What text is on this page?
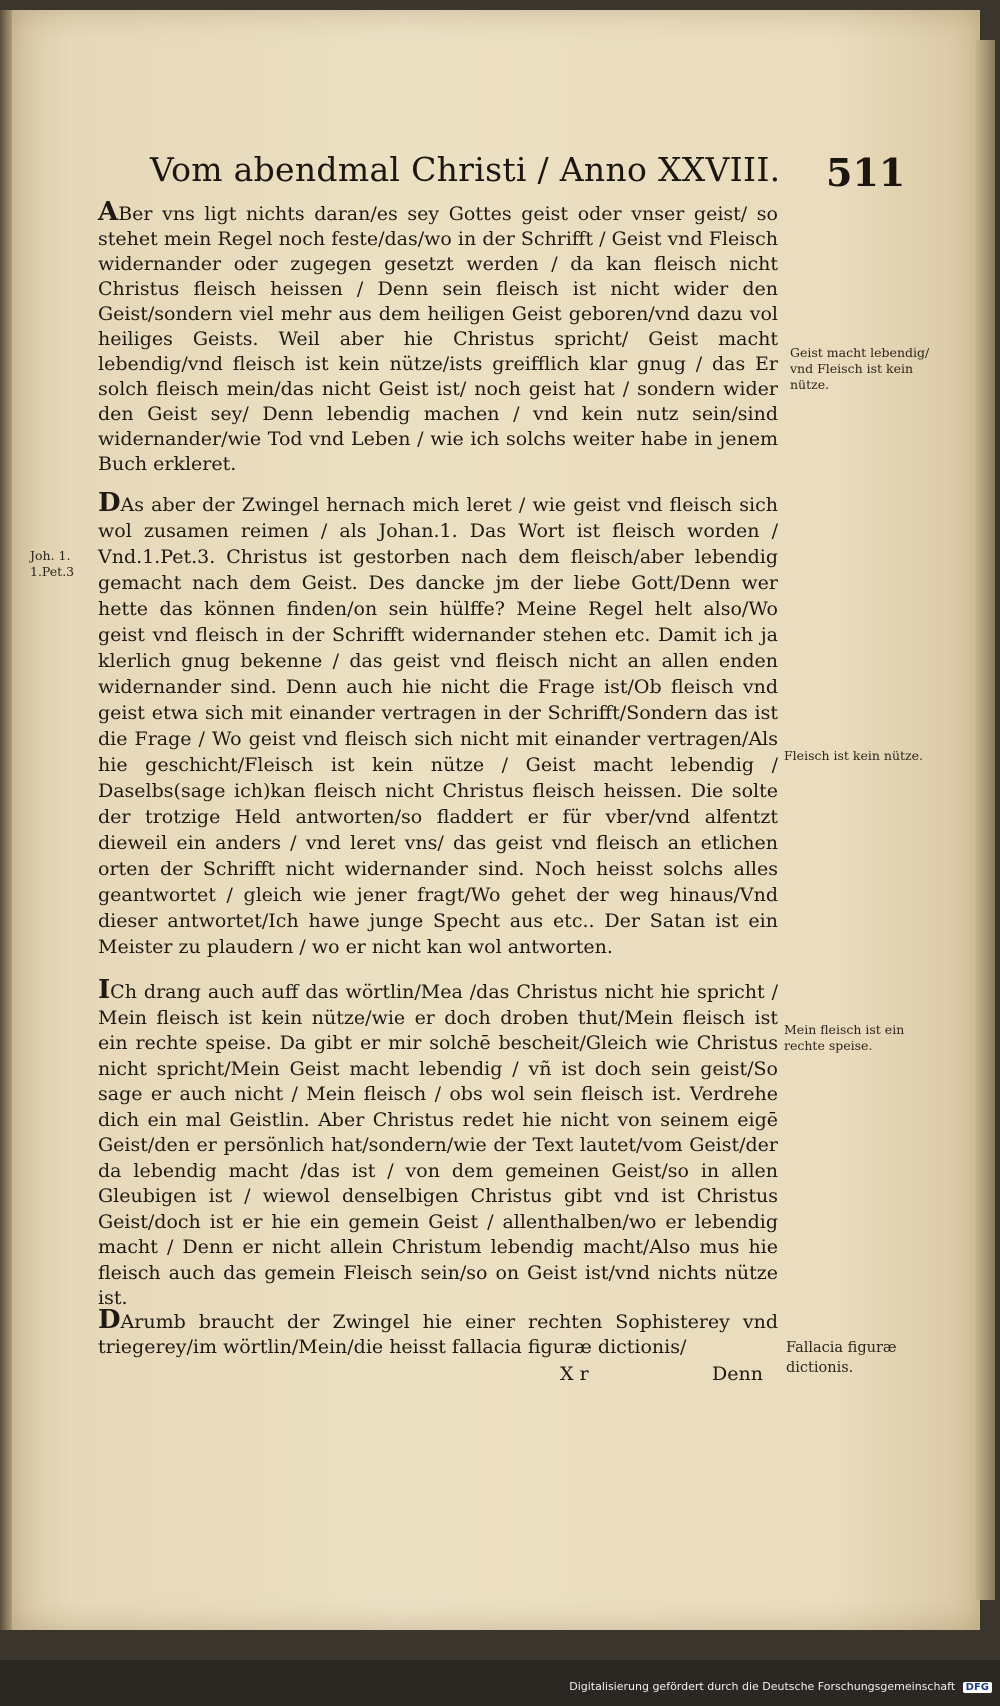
Vom abendmal Christi / Anno XXVIII. 511
ABer vns ligt nichts daran/es sey Gottes geist oder vnser geist/ so stehet mein Regel noch feste/das/wo in der Schrifft / Geist vnd Fleisch widernander oder zugegen gesetzt werden / da kan fleisch nicht Christus fleisch heissen / Denn sein fleisch ist nicht wider den Geist/sondern viel mehr aus dem heiligen Geist geboren/vnd dazu vol heiliges Geists. Weil aber hie Christus spricht/ Geist macht lebendig/vnd fleisch ist kein nütze/ists greifflich klar gnug / das Er solch fleisch mein/das nicht Geist ist/ noch geist hat / sondern wider den Geist sey/ Denn lebendig machen / vnd kein nutz sein/sind widernander/wie Tod vnd Leben / wie ich solchs weiter habe in jenem Buch erkleret.
DAs aber der Zwingel hernach mich leret / wie geist vnd fleisch sich wol zusamen reimen / als Johan.1. Das Wort ist fleisch worden / Vnd.1.Pet.3. Christus ist gestorben nach dem fleisch/aber lebendig gemacht nach dem Geist. Des dancke jm der liebe Gott/Denn wer hette das können finden/on sein hülffe? Meine Regel helt also/Wo geist vnd fleisch in der Schrifft widernander stehen etc. Damit ich ja klerlich gnug bekenne / das geist vnd fleisch nicht an allen enden widernander sind. Denn auch hie nicht die Frage ist/Ob fleisch vnd geist etwa sich mit einander vertragen in der Schrifft/Sondern das ist die Frage / Wo geist vnd fleisch sich nicht mit einander vertragen/Als hie geschicht/Fleisch ist kein nütze / Geist macht lebendig / Daselbs(sage ich)kan fleisch nicht Christus fleisch heissen. Die solte der trotzige Held antworten/so fladdert er für vber/vnd alfentzt dieweil ein anders / vnd leret vns/ das geist vnd fleisch an etlichen orten der Schrifft nicht widernander sind. Noch heisst solchs alles geantwortet / gleich wie jener fragt/Wo gehet der weg hinaus/Vnd dieser antwortet/Ich hawe junge Specht aus etc.. Der Satan ist ein Meister zu plaudern / wo er nicht kan wol antworten.
ICh drang auch auff das wörtlin/Mea /das Christus nicht hie spricht / Mein fleisch ist kein nütze/wie er doch droben thut/Mein fleisch ist ein rechte speise. Da gibt er mir solchē bescheit/Gleich wie Christus nicht spricht/Mein Geist macht lebendig / vñ ist doch sein geist/So sage er auch nicht / Mein fleisch / obs wol sein fleisch ist. Verdrehe dich ein mal Geistlin. Aber Christus redet hie nicht von seinem eigē Geist/den er persönlich hat/sondern/wie der Text lautet/vom Geist/der da lebendig macht /das ist / von dem gemeinen Geist/so in allen Gleubigen ist / wiewol denselbigen Christus gibt vnd ist Christus Geist/doch ist er hie ein gemein Geist / allenthalben/wo er lebendig macht / Denn er nicht allein Christum lebendig macht/Also mus hie fleisch auch das gemein Fleisch sein/so on Geist ist/vnd nichts nütze ist.
DArumb braucht der Zwingel hie einer rechten Sophisterey vnd triegerey/im wörtlin/Mein/die heisst fallacia figuræ dictionis/
Geist macht lebendig/ vnd Fleisch ist kein nütze.
Joh. 1. 1.Pet.3
Fleisch ist kein nütze.
Mein fleisch ist ein rechte speise.
Fallacia figuræ dictionis.
X r	Denn
Digitalisierung gefördert durch die Deutsche Forschungsgemeinschaft DFG
